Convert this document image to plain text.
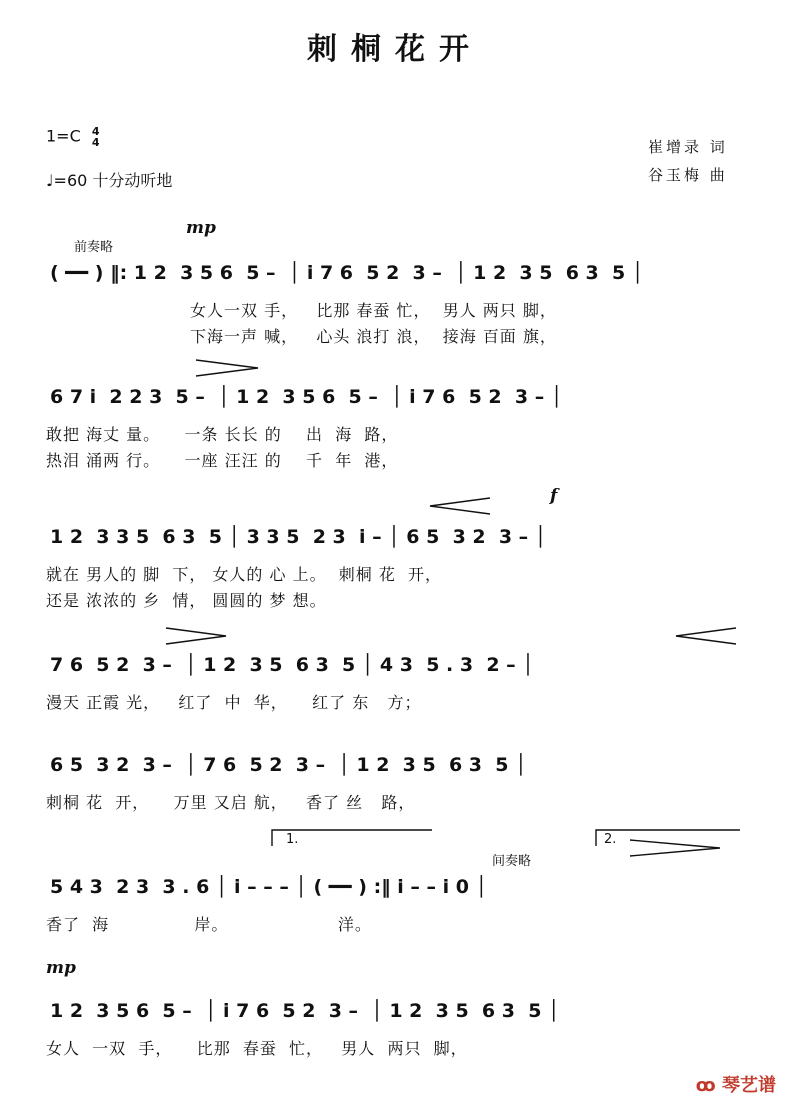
刺桐花开
1=C 4
4
♩=60 十分动听地
崔增录 词
谷玉梅 曲
前奏略
mp
f
mp
1.	2.
间奏略
( ━━ ) ‖: 1 2  3 5 6  5 –  │ i 7 6  5 2  3 –  │ 1 2  3 5  6 3  5 │
女人一双 手，   比那 春蚕 忙，  男人 两只 脚，
下海一声 喊，   心头 浪打 浪，  接海 百面 旗，
6 7 i  2 2 3  5 –  │ 1 2  3 5 6  5 –  │ i 7 6  5 2  3 – │
敢把 海丈 量。    一条 长长 的    出  海  路，
热泪 涌两 行。    一座 汪汪 的    千  年  港，
1 2  3 3 5  6 3  5 │ 3 3 5  2 3  i – │ 6 5  3 2  3 – │
就在 男人的 脚  下， 女人的 心 上。  刺桐 花  开，
还是 浓浓的 乡  情， 圆圆的 梦 想。
7 6  5 2  3 –  │ 1 2  3 5  6 3  5 │ 4 3  5 . 3  2 – │
漫天 正霞 光，   红了  中  华，    红了 东   方；
6 5  3 2  3 –  │ 7 6  5 2  3 –  │ 1 2  3 5  6 3  5 │
刺桐 花  开，    万里 又启 航，   香了 丝   路，
5 4 3  2 3  3 . 6 │ i – – – │ ( ━━ ) :‖ i – – i 0 │
香了  海              岸。                  洋。
1 2  3 5 6  5 –  │ i 7 6  5 2  3 –  │ 1 2  3 5  6 3  5 │
女人  一双  手，    比那  春蚕  忙，   男人  两只  脚，
ꝏ 琴艺谱
